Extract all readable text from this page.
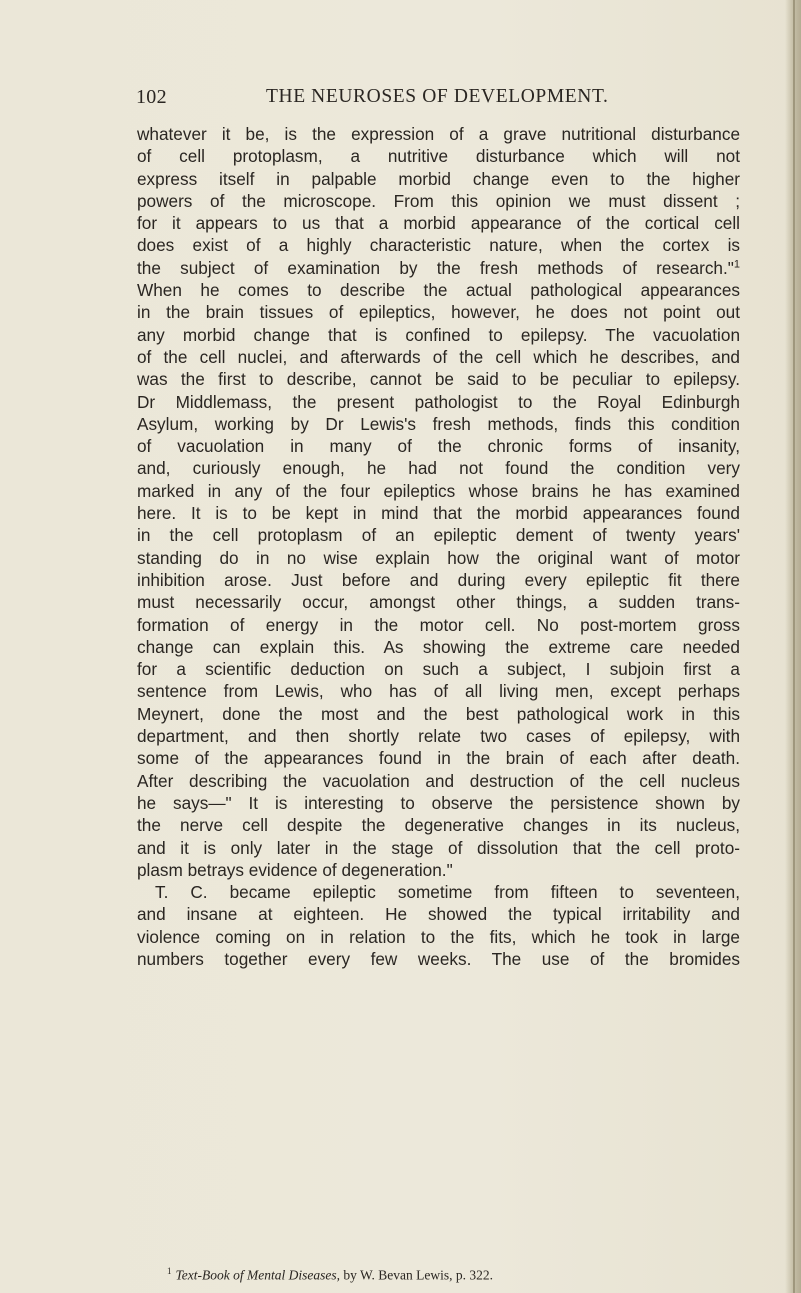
102	THE NEUROSES OF DEVELOPMENT.
whatever it be, is the expression of a grave nutritional disturbance
of cell protoplasm, a nutritive disturbance which will not
express itself in palpable morbid change even to the higher
powers of the microscope. From this opinion we must dissent ;
for it appears to us that a morbid appearance of the cortical cell
does exist of a highly characteristic nature, when the cortex is
the subject of examination by the fresh methods of research."$^1$
When he comes to describe the actual pathological appearances
in the brain tissues of epileptics, however, he does not point out
any morbid change that is confined to epilepsy. The vacuolation
of the cell nuclei, and afterwards of the cell which he describes, and
was the first to describe, cannot be said to be peculiar to epilepsy.
Dr Middlemass, the present pathologist to the Royal Edinburgh
Asylum, working by Dr Lewis's fresh methods, finds this condition
of vacuolation in many of the chronic forms of insanity,
and, curiously enough, he had not found the condition very
marked in any of the four epileptics whose brains he has examined
here. It is to be kept in mind that the morbid appearances found
in the cell protoplasm of an epileptic dement of twenty years'
standing do in no wise explain how the original want of motor
inhibition arose. Just before and during every epileptic fit there
must necessarily occur, amongst other things, a sudden trans-
formation of energy in the motor cell. No post-mortem gross
change can explain this. As showing the extreme care needed
for a scientific deduction on such a subject, I subjoin first a
sentence from Lewis, who has of all living men, except perhaps
Meynert, done the most and the best pathological work in this
department, and then shortly relate two cases of epilepsy, with
some of the appearances found in the brain of each after death.
After describing the vacuolation and destruction of the cell nucleus
he says—" It is interesting to observe the persistence shown by
the nerve cell despite the degenerative changes in its nucleus,
and it is only later in the stage of dissolution that the cell proto-
plasm betrays evidence of degeneration."
T. C. became epileptic sometime from fifteen to seventeen,
and insane at eighteen. He showed the typical irritability and
violence coming on in relation to the fits, which he took in large
numbers together every few weeks. The use of the bromides
$^1$ Text-Book of Mental Diseases, by W. Bevan Lewis, p. 322.
